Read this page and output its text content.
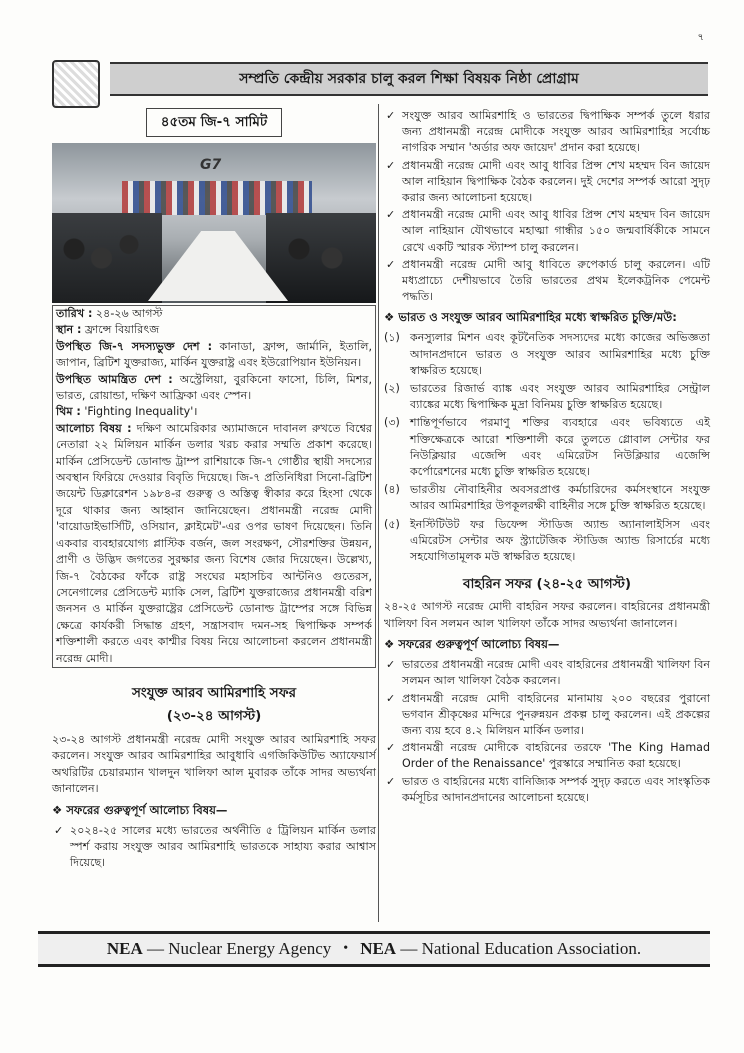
৭
সম্প্রতি কেন্দ্রীয় সরকার চালু করল শিক্ষা বিষয়ক নিষ্ঠা প্রোগ্রাম
৪৫তম জি-৭ সামিট
G7

তারিখ : ২৪-২৬ আগস্ট

স্থান : ফ্রান্সে বিয়ারিৎজ

উপস্থিত জি-৭ সদস্যভুক্ত দেশ : কানাডা, ফ্রান্স, জার্মানি, ইতালি, জাপান, ব্রিটিশ যুক্তরাজ্য, মার্কিন যুক্তরাষ্ট্র এবং ইউরোপিয়ান ইউনিয়ন।

উপস্থিত আমন্ত্রিত দেশ : অস্ট্রেলিয়া, বুরকিনো ফাসো, চিলি, মিশর, ভারত, রোয়ান্ডা, দক্ষিণ আফ্রিকা এবং স্পেন।

থিম : 'Fighting Inequality'।

আলোচ্য বিষয় : দক্ষিণ আমেরিকার অ্যামাজনে দাবানল রুখতে বিশ্বের নেতারা ২২ মিলিয়ন মার্কিন ডলার খরচ করার সম্মতি প্রকাশ করেছে। মার্কিন প্রেসিডেন্ট ডোনাল্ড ট্রাম্প রাশিয়াকে জি-৭ গোষ্ঠীর স্থায়ী সদস্যের অবস্থান ফিরিয়ে দেওয়ার বিবৃতি দিয়েছে। জি-৭ প্রতিনিধিরা সিনো-ব্রিটিশ জয়েন্ট ডিক্লারেশন ১৯৮৪-র গুরুত্ব ও অস্তিত্ব স্বীকার করে হিংসা থেকে দূরে থাকার জন্য আহ্বান জানিয়েছেন। প্রধানমন্ত্রী নরেন্দ্র মোদী 'বায়োডাইভার্সিটি, ওসিয়ান, ক্লাইমেট'-এর ওপর ভাষণ দিয়েছেন। তিনি একবার ব্যবহারযোগ্য প্লাস্টিক বর্জন, জল সংরক্ষণ, সৌরশক্তির উন্নয়ন, প্রাণী ও উদ্ভিদ জগতের সুরক্ষার জন্য বিশেষ জোর দিয়েছেন। উল্লেখ্য, জি-৭ বৈঠকের ফাঁকে রাষ্ট্র সংঘের মহাসচিব আন্টনিও গুতেরস, সেনেগালের প্রেসিডেন্ট ম্যাকি সেল, ব্রিটিশ যুক্তরাজ্যের প্রধানমন্ত্রী বরিশ জনসন ও মার্কিন যুক্তরাষ্ট্রের প্রেসিডেন্ট ডোনাল্ড ট্রাম্পের সঙ্গে বিভিন্ন ক্ষেত্রে কার্যকরী সিদ্ধান্ত গ্রহণ, সন্ত্রাসবাদ দমন-সহ দ্বিপাক্ষিক সম্পর্ক শক্তিশালী করতে এবং কাশ্মীর বিষয় নিয়ে আলোচনা করলেন প্রধানমন্ত্রী নরেন্দ্র মোদী।

সংযুক্ত আরব আমিরশাহি সফর
(২৩-২৪ আগস্ট)

২৩-২৪ আগস্ট প্রধানমন্ত্রী নরেন্দ্র মোদী সংযুক্ত আরব আমিরশাহি সফর করলেন। সংযুক্ত আরব আমিরশাহির আবুধাবি এগজিকিউটিভ অ্যাফেয়ার্স অথরিটির চেয়ারম্যান খালদুন খালিফা আল মুবারক তাঁকে সাদর অভ্যর্থনা জানালেন।

❖ সফরের গুরুত্বপূর্ণ আলোচ্য বিষয়—
✓ ২০২৪-২৫ সালের মধ্যে ভারতের অর্থনীতি ৫ ট্রিলিয়ন মার্কিন ডলার স্পর্শ করায় সংযুক্ত আরব আমিরশাহি ভারতকে সাহায্য করার আশ্বাস দিয়েছে।
✓ সংযুক্ত আরব আমিরশাহি ও ভারতের দ্বিপাক্ষিক সম্পর্ক তুলে ধরার জন্য প্রধানমন্ত্রী নরেন্দ্র মোদীকে সংযুক্ত আরব আমিরশাহির সর্বোচ্চ নাগরিক সম্মান 'অর্ডার অফ জায়েদ' প্রদান করা হয়েছে।
✓ প্রধানমন্ত্রী নরেন্দ্র মোদী এবং আবু ধাবির প্রিন্স শেখ মহম্মদ বিন জায়েদ আল নাহিয়ান দ্বিপাক্ষিক বৈঠক করলেন। দুই দেশের সম্পর্ক আরো সুদৃঢ় করার জন্য আলোচনা হয়েছে।
✓ প্রধানমন্ত্রী নরেন্দ্র মোদী এবং আবু ধাবির প্রিন্স শেখ মহম্মদ বিন জায়েদ আল নাহিয়ান যৌথভাবে মহাত্মা গান্ধীর ১৫০ জন্মবার্ষিকীকে সামনে রেখে একটি স্মারক স্ট্যাম্প চালু করলেন।
✓ প্রধানমন্ত্রী নরেন্দ্র মোদী আবু ধাবিতে রুপেকার্ড চালু করলেন। এটি মধ্যপ্রাচ্যে দেশীয়ভাবে তৈরি ভারতের প্রথম ইলেকট্রনিক পেমেন্ট পদ্ধতি।
❖ ভারত ও সংযুক্ত আরব আমিরশাহির মধ্যে স্বাক্ষরিত চুক্তি/মউ:
(১) কনস্যুলার মিশন এবং কূটনৈতিক সদস্যদের মধ্যে কাজের অভিজ্ঞতা আদানপ্রদানে ভারত ও সংযুক্ত আরব আমিরশাহির মধ্যে চুক্তি স্বাক্ষরিত হয়েছে।
(২) ভারতের রিজার্ভ ব্যাঙ্ক এবং সংযুক্ত আরব আমিরশাহির সেন্ট্রাল ব্যাঙ্কের মধ্যে দ্বিপাক্ষিক মুদ্রা বিনিময় চুক্তি স্বাক্ষরিত হয়েছে।
(৩) শান্তিপূর্ণভাবে পরমাণু শক্তির ব্যবহারে এবং ভবিষ্যতে এই শক্তিক্ষেত্রকে আরো শক্তিশালী করে তুলতে গ্লোবাল সেন্টার ফর নিউক্লিয়ার এজেন্সি এবং এমিরেটস নিউক্লিয়ার এজেন্সি কর্পোরেশনের মধ্যে চুক্তি স্বাক্ষরিত হয়েছে।
(৪) ভারতীয় নৌবাহিনীর অবসরপ্রাপ্ত কর্মচারিদের কর্মসংস্থানে সংযুক্ত আরব আমিরশাহির উপকূলরক্ষী বাহিনীর সঙ্গে চুক্তি স্বাক্ষরিত হয়েছে।
(৫) ইনস্টিটিউট ফর ডিফেন্স স্টাডিজ অ্যান্ড অ্যানালাইসিস এবং এমিরেটস সেন্টার অফ স্ট্র্যাটেজিক স্টাডিজ অ্যান্ড রিসার্চের মধ্যে সহযোগিতামূলক মউ স্বাক্ষরিত হয়েছে।
বাহরিন সফর (২৪-২৫ আগস্ট)

২৪-২৫ আগস্ট নরেন্দ্র মোদী বাহরিন সফর করলেন। বাহরিনের প্রধানমন্ত্রী খালিফা বিন সলমন আল খালিফা তাঁকে সাদর অভ্যর্থনা জানালেন।

❖ সফরের গুরুত্বপূর্ণ আলোচ্য বিষয়—
✓ ভারতের প্রধানমন্ত্রী নরেন্দ্র মোদী এবং বাহরিনের প্রধানমন্ত্রী খালিফা বিন সলমন আল খালিফা বৈঠক করলেন।
✓ প্রধানমন্ত্রী নরেন্দ্র মোদী বাহরিনের মানামায় ২০০ বছরের পুরানো ভগবান শ্রীকৃষ্ণের মন্দিরে পুনরুন্নয়ন প্রকল্প চালু করলেন। এই প্রকল্পের জন্য ব্যয় হবে ৪.২ মিলিয়ন মার্কিন ডলার।
✓ প্রধানমন্ত্রী নরেন্দ্র মোদীকে বাহরিনের তরফে 'The King Hamad Order of the Renaissance' পুরস্কারে সম্মানিত করা হয়েছে।
✓ ভারত ও বাহরিনের মধ্যে বানিজ্যিক সম্পর্ক সুদৃঢ় করতে এবং সাংস্কৃতিক কর্মসূচির আদানপ্রদানের আলোচনা হয়েছে।
NEA — Nuclear Energy Agency • NEA — National Education Association.
